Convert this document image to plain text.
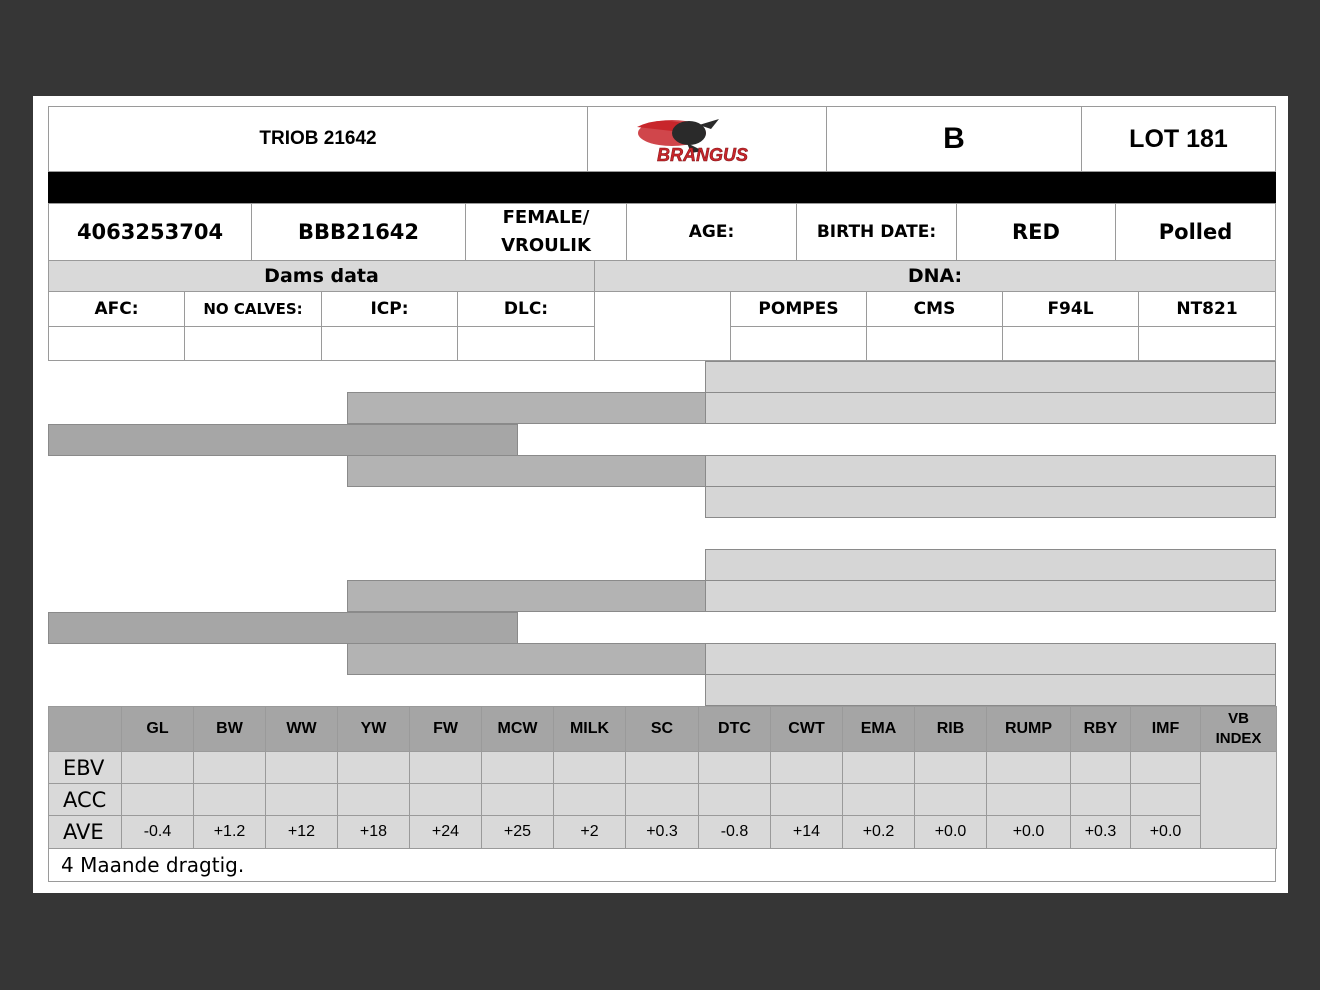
TRIOB 21642
BRANGUS	B	LOT 181
4063253704	BBB21642
FEMALE/
VROULIK
AGE:	BIRTH DATE:	RED	Polled
Dams data	DNA:
AFC:	NO CALVES:	ICP:	DLC:	POMPES	CMS	F94L	NT821
GL	BW	WW	YW	FW MCW MILK	SC	DTC CWT EMA	RIB	RUMP RBY IMF
VB
INDEX
EBV
ACC
AVE	-0.4	+1.2	+12	+18	+24	+25	+2	+0.3	-0.8	+14	+0.2	+0.0	+0.0	+0.3 +0.0
4 Maande dragtig.
